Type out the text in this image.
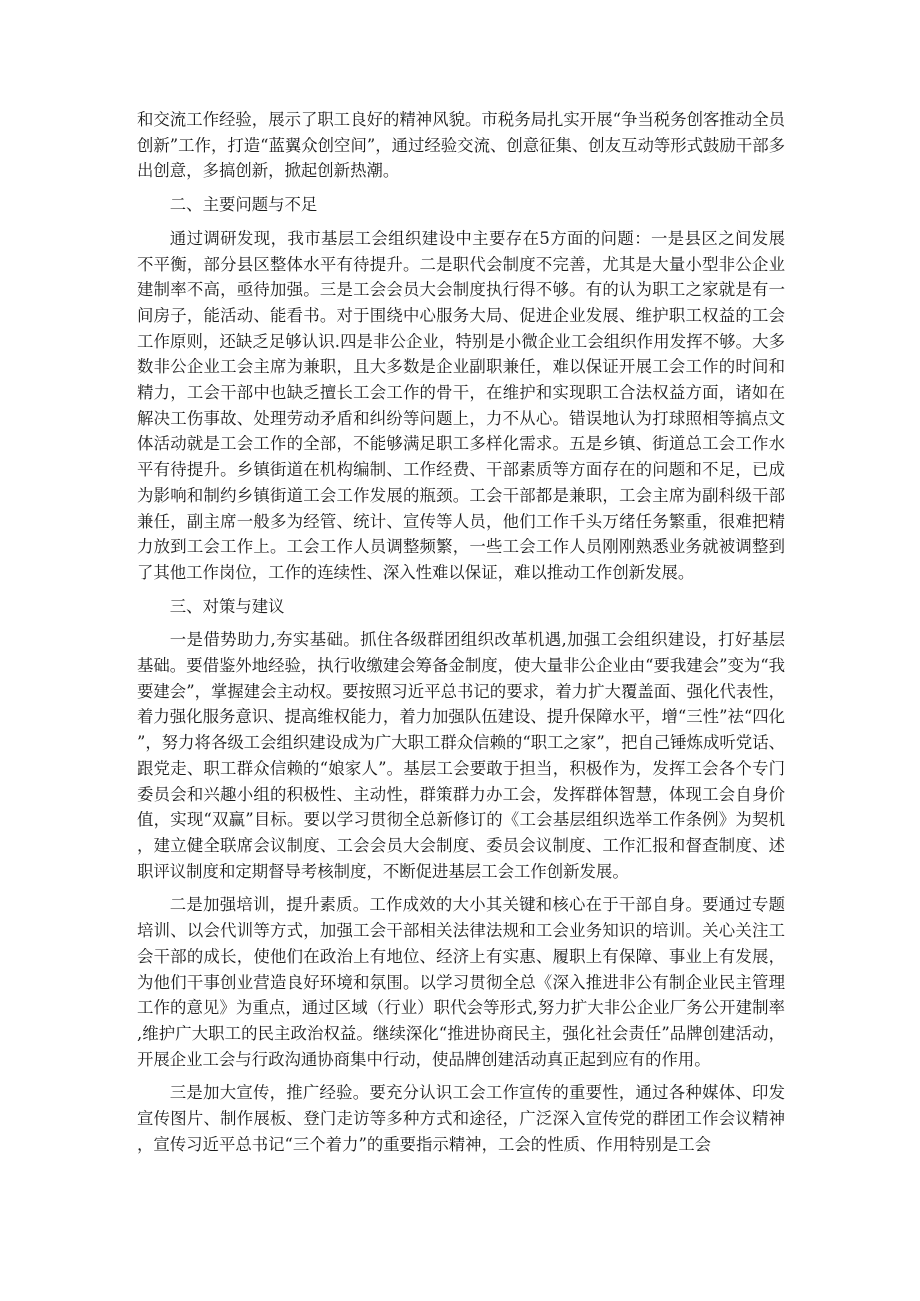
和交流工作经验，展示了职工良好的精神风貌。市税务局扎实开展“争当税务创客推动全员创新”工作，打造“蓝翼众创空间”，通过经验交流、创意征集、创友互动等形式鼓励干部多出创意，多搞创新，掀起创新热潮。

二、主要问题与不足

通过调研发现，我市基层工会组织建设中主要存在5方面的问题：一是县区之间发展不平衡，部分县区整体水平有待提升。二是职代会制度不完善，尤其是大量小型非公企业建制率不高，亟待加强。三是工会会员大会制度执行得不够。有的认为职工之家就是有一间房子，能活动、能看书。对于围绕中心服务大局、促进企业发展、维护职工权益的工会工作原则，还缺乏足够认识.四是非公企业，特别是小微企业工会组织作用发挥不够。大多数非公企业工会主席为兼职，且大多数是企业副职兼任，难以保证开展工会工作的时间和精力，工会干部中也缺乏擅长工会工作的骨干，在维护和实现职工合法权益方面，诸如在解决工伤事故、处理劳动矛盾和纠纷等问题上，力不从心。错误地认为打球照相等搞点文体活动就是工会工作的全部，不能够满足职工多样化需求。五是乡镇、街道总工会工作水平有待提升。乡镇街道在机构编制、工作经费、干部素质等方面存在的问题和不足，已成为影响和制约乡镇街道工会工作发展的瓶颈。工会干部都是兼职，工会主席为副科级干部兼任，副主席一般多为经管、统计、宣传等人员，他们工作千头万绪任务繁重，很难把精力放到工会工作上。工会工作人员调整频繁，一些工会工作人员刚刚熟悉业务就被调整到了其他工作岗位，工作的连续性、深入性难以保证，难以推动工作创新发展。

三、对策与建议

一是借势助力,夯实基础。抓住各级群团组织改革机遇,加强工会组织建设，打好基层基础。要借鉴外地经验，执行收缴建会筹备金制度，使大量非公企业由“要我建会”变为“我要建会”，掌握建会主动权。要按照习近平总书记的要求，着力扩大覆盖面、强化代表性，着力强化服务意识、提高维权能力，着力加强队伍建设、提升保障水平，增“三性”祛“四化”，努力将各级工会组织建设成为广大职工群众信赖的“职工之家”，把自己锤炼成听党话、跟党走、职工群众信赖的“娘家人”。基层工会要敢于担当，积极作为，发挥工会各个专门委员会和兴趣小组的积极性、主动性，群策群力办工会，发挥群体智慧，体现工会自身价值，实现“双赢”目标。要以学习贯彻全总新修订的《工会基层组织选举工作条例》为契机，建立健全联席会议制度、工会会员大会制度、委员会议制度、工作汇报和督查制度、述职评议制度和定期督导考核制度，不断促进基层工会工作创新发展。

二是加强培训，提升素质。工作成效的大小其关键和核心在于干部自身。要通过专题培训、以会代训等方式，加强工会干部相关法律法规和工会业务知识的培训。关心关注工会干部的成长，使他们在政治上有地位、经济上有实惠、履职上有保障、事业上有发展，为他们干事创业营造良好环境和氛围。以学习贯彻全总《深入推进非公有制企业民主管理工作的意见》为重点，通过区域（行业）职代会等形式,努力扩大非公企业厂务公开建制率,维护广大职工的民主政治权益。继续深化“推进协商民主，强化社会责任”品牌创建活动，开展企业工会与行政沟通协商集中行动，使品牌创建活动真正起到应有的作用。

三是加大宣传，推广经验。要充分认识工会工作宣传的重要性，通过各种媒体、印发宣传图片、制作展板、登门走访等多种方式和途径，广泛深入宣传党的群团工作会议精神，宣传习近平总书记“三个着力”的重要指示精神，工会的性质、作用特别是工会
